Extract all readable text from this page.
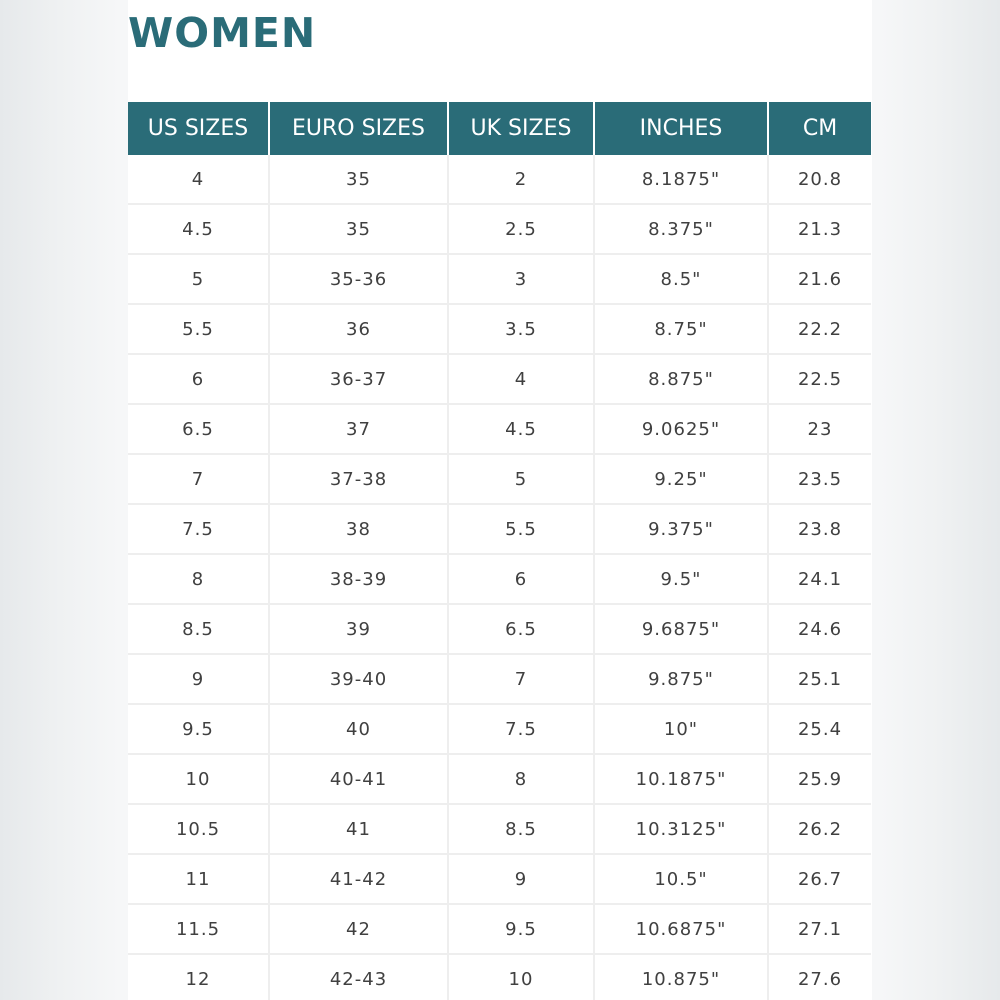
WOMEN
US SIZES	EURO SIZES	UK SIZES	INCHES	CM
4	35	2	8.1875"	20.8
4.5	35	2.5	8.375"	21.3
5	35-36	3	8.5"	21.6
5.5	36	3.5	8.75"	22.2
6	36-37	4	8.875"	22.5
6.5	37	4.5	9.0625"	23
7	37-38	5	9.25"	23.5
7.5	38	5.5	9.375"	23.8
8	38-39	6	9.5"	24.1
8.5	39	6.5	9.6875"	24.6
9	39-40	7	9.875"	25.1
9.5	40	7.5	10"	25.4
10	40-41	8	10.1875"	25.9
10.5	41	8.5	10.3125"	26.2
11	41-42	9	10.5"	26.7
11.5	42	9.5	10.6875"	27.1
12	42-43	10	10.875"	27.6
